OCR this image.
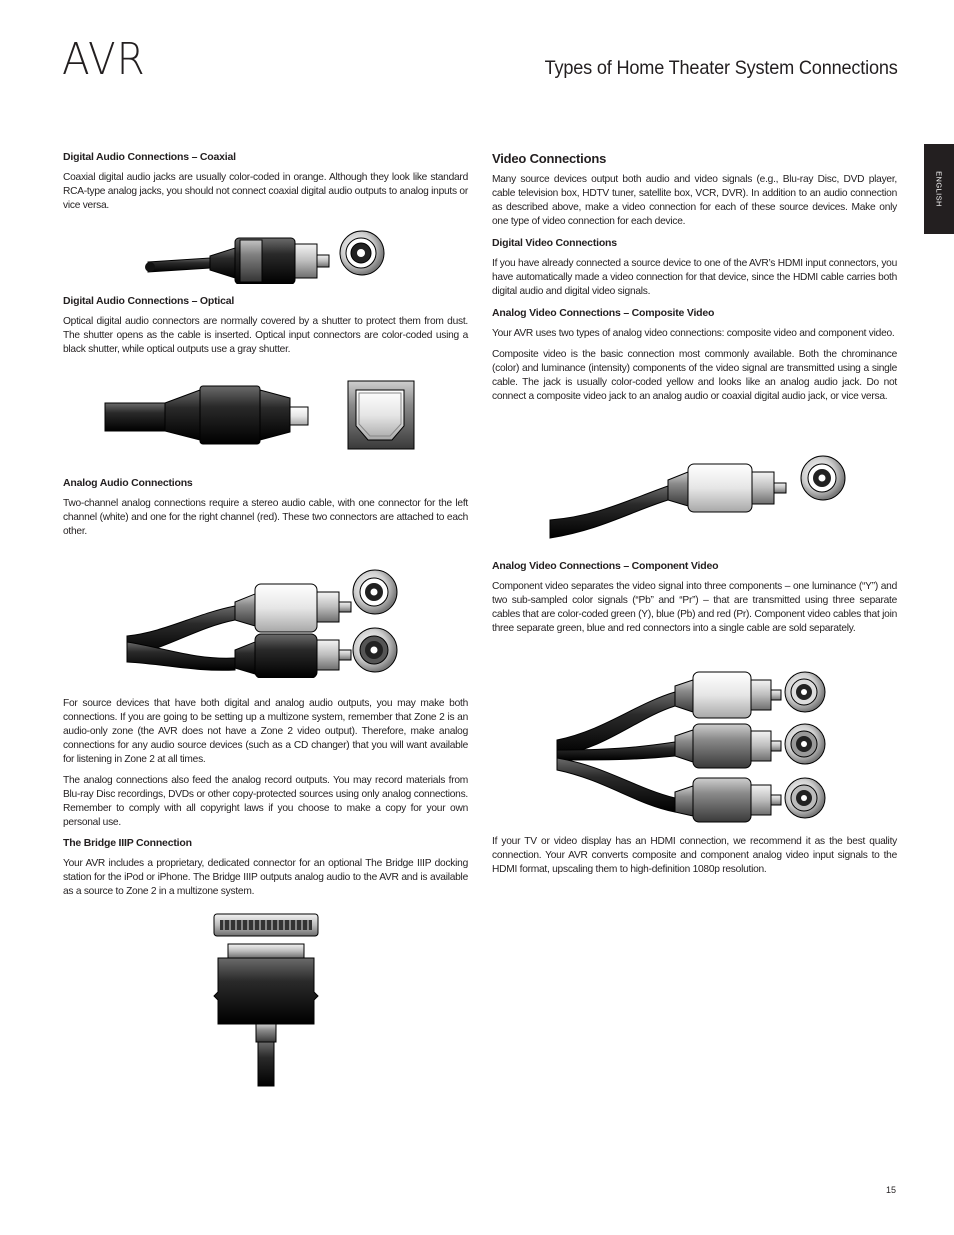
AVR	Types of Home Theater System Connections
ENGLISH
Digital Audio Connections – Coaxial

Coaxial digital audio jacks are usually color-coded in orange. Although they look like standard RCA-type analog jacks, you should not connect coaxial digital audio outputs to analog inputs or vice versa.

Digital Audio Connections – Optical

Optical digital audio connectors are normally covered by a shutter to protect them from dust. The shutter opens as the cable is inserted. Optical input connectors are color-coded using a black shutter, while optical outputs use a gray shutter.

Analog Audio Connections

Two-channel analog connections require a stereo audio cable, with one connector for the left channel (white) and one for the right channel (red). These two connectors are attached to each other.

For source devices that have both digital and analog audio outputs, you may make both connections. If you are going to be setting up a multizone system, remember that Zone 2 is an audio-only zone (the AVR does not have a Zone 2 video output). Therefore, make analog connections for any audio source devices (such as a CD changer) that you will want available for listening in Zone 2 at all times.

The analog connections also feed the analog record outputs. You may record materials from Blu-ray Disc recordings, DVDs or other copy-protected sources using only analog connections. Remember to comply with all copyright laws if you choose to make a copy for your own personal use.

The Bridge IIIP Connection

Your AVR includes a proprietary, dedicated connector for an optional The Bridge IIIP docking station for the iPod or iPhone. The Bridge IIIP outputs analog audio to the AVR and is available as a source to Zone 2 in a multizone system.

Video Connections

Many source devices output both audio and video signals (e.g., Blu-ray Disc, DVD player, cable television box, HDTV tuner, satellite box, VCR, DVR). In addition to an audio connection as described above, make a video connection for each of these source devices. Make only one type of video connection for each device.

Digital Video Connections

If you have already connected a source device to one of the AVR’s HDMI input connectors, you have automatically made a video connection for that device, since the HDMI cable carries both digital audio and digital video signals.

Analog Video Connections – Composite Video

Your AVR uses two types of analog video connections: composite video and component video.

Composite video is the basic connection most commonly available. Both the chrominance (color) and luminance (intensity) components of the video signal are transmitted using a single cable. The jack is usually color-coded yellow and looks like an analog audio jack. Do not connect a composite video jack to an analog audio or coaxial digital audio jack, or vice versa.

Analog Video Connections – Component Video

Component video separates the video signal into three components – one luminance (“Y”) and two sub-sampled color signals (“Pb” and “Pr”) – that are transmitted using three separate cables that are color-coded green (Y), blue (Pb) and red (Pr). Component video cables that join three separate green, blue and red connectors into a single cable are sold separately.

If your TV or video display has an HDMI connection, we recommend it as the best quality connection. Your AVR converts composite and component analog video input signals to the HDMI format, upscaling them to high-definition 1080p resolution.

15
